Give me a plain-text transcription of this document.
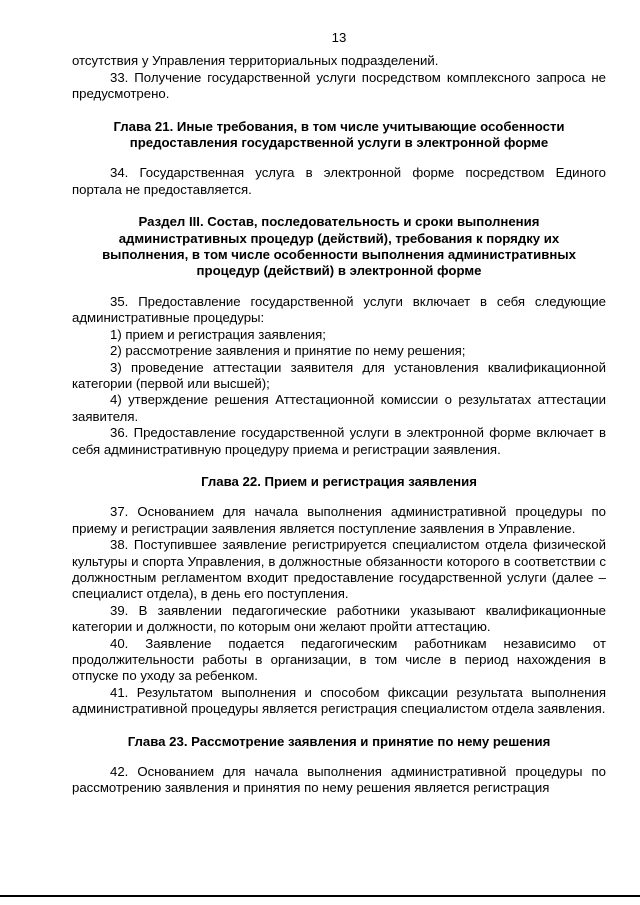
13

отсутствия у Управления территориальных подразделений.

33. Получение государственной услуги посредством комплексного запроса не предусмотрено.

Глава 21. Иные требования, в том числе учитывающие особенности предоставления государственной услуги в электронной форме

34. Государственная услуга в электронной форме посредством Единого портала не предоставляется.

Раздел III. Состав, последовательность и сроки выполнения административных процедур (действий), требования к порядку их выполнения, в том числе особенности выполнения административных процедур (действий) в электронной форме

35. Предоставление государственной услуги включает в себя следующие административные процедуры:

1) прием и регистрация заявления;

2) рассмотрение заявления и принятие по нему решения;

3) проведение аттестации заявителя для установления квалификационной категории (первой или высшей);

4) утверждение решения Аттестационной комиссии о результатах аттестации заявителя.

36. Предоставление государственной услуги в электронной форме включает в себя административную процедуру приема и регистрации заявления.

Глава 22. Прием и регистрация заявления

37. Основанием для начала выполнения административной процедуры по приему и регистрации заявления является поступление заявления в Управление.

38. Поступившее заявление регистрируется специалистом отдела физической культуры и спорта Управления, в должностные обязанности которого в соответствии с должностным регламентом входит предоставление государственной услуги (далее – специалист отдела), в день его поступления.

39. В заявлении педагогические работники указывают квалификационные категории и должности, по которым они желают пройти аттестацию.

40. Заявление подается педагогическим работникам независимо от продолжительности работы в организации, в том числе в период нахождения в отпуске по уходу за ребенком.

41. Результатом выполнения и способом фиксации результата выполнения административной процедуры является регистрация специалистом отдела заявления.

Глава 23. Рассмотрение заявления и принятие по нему решения

42. Основанием для начала выполнения административной процедуры по рассмотрению заявления и принятия по нему решения является регистрация
